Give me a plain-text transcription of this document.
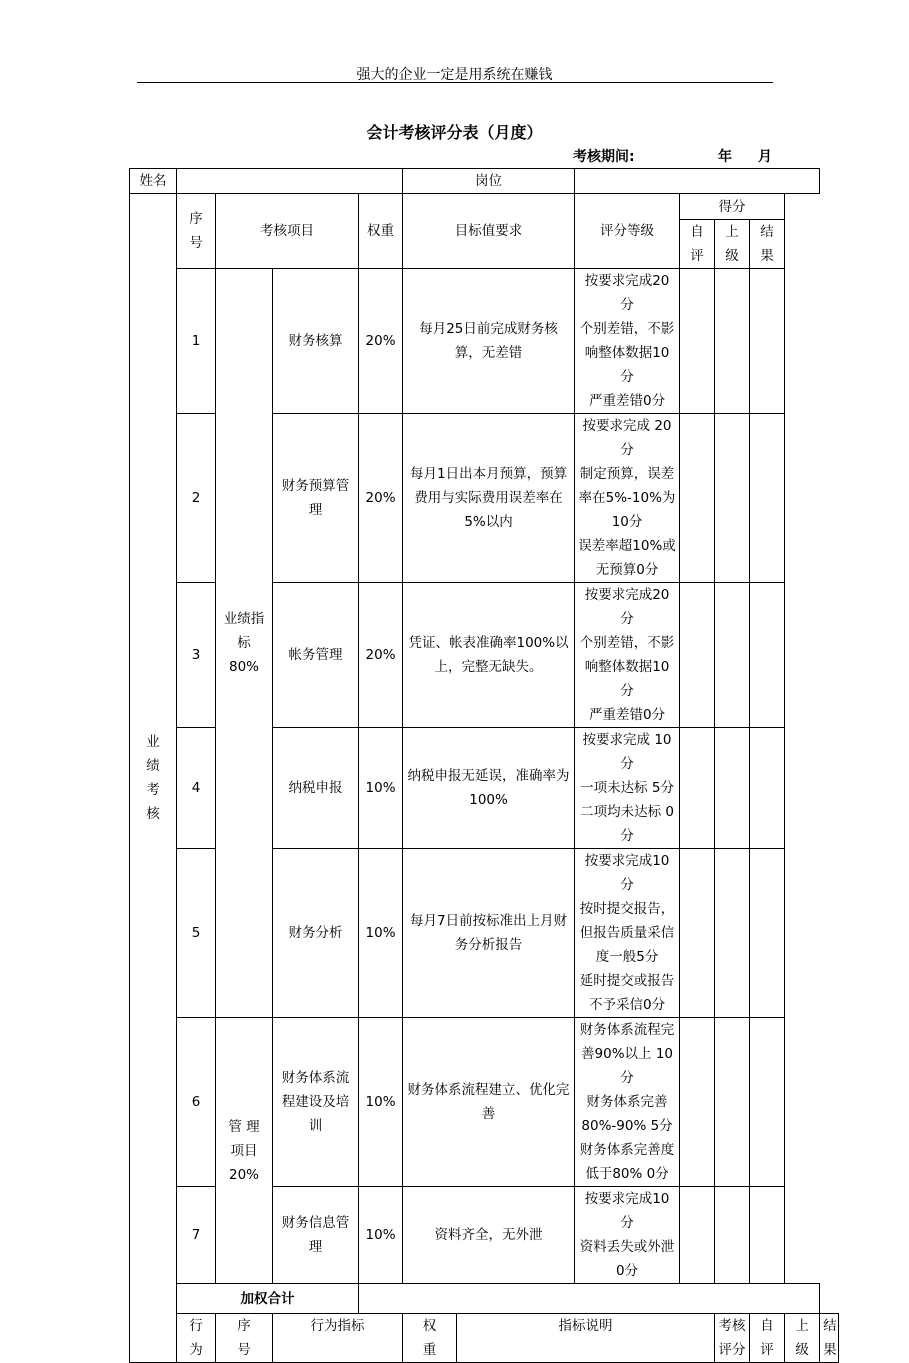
强大的企业一定是用系统在赚钱
会计考核评分表（月度）
考核期间:	年 月
姓名					岗位							

业绩考核	序号	考核项目		权重	目标值要求		评分等级	得分				

								自评	上级	结果		

	1	业绩指标80%	财务核算	20%	每月25日前完成财务核算，无差错		按要求完成20分
个别差错，不影响整体数据10分
严重差错0分					

	2		财务预算管理	20%	每月1日出本月预算，预算费用与实际费用误差率在5%以内		按要求完成 20分
制定预算，误差率在5%-10%为 10分
误差率超10%或无预算0分					

	3		帐务管理	20%	凭证、帐表准确率100%以上，完整无缺失。		按要求完成20分
个别差错，不影响整体数据10分
严重差错0分					

	4		纳税申报	10%	纳税申报无延误，准确率为100%		按要求完成 10分
一项未达标 5分
二项均未达标 0分					

	5		财务分析	10%	每月7日前按标准出上月财务分析报告		按要求完成10分
按时提交报告，但报告质量采信度一般5分
延时提交或报告不予采信0分					

	6	管 理项目20%	财务体系流程建设及培训	10%	财务体系流程建立、优化完善		财务体系流程完善90%以上 10分
财务体系完善80%-90% 5分
财务体系完善度低于80% 0分					

	7		财务信息管理	10%	资料齐全，无外泄		按要求完成10分
资料丢失或外泄0分					

	加权合计											

	行为	序号	行为指标		权重	指标说明			考核评分	自评	上级	结果
